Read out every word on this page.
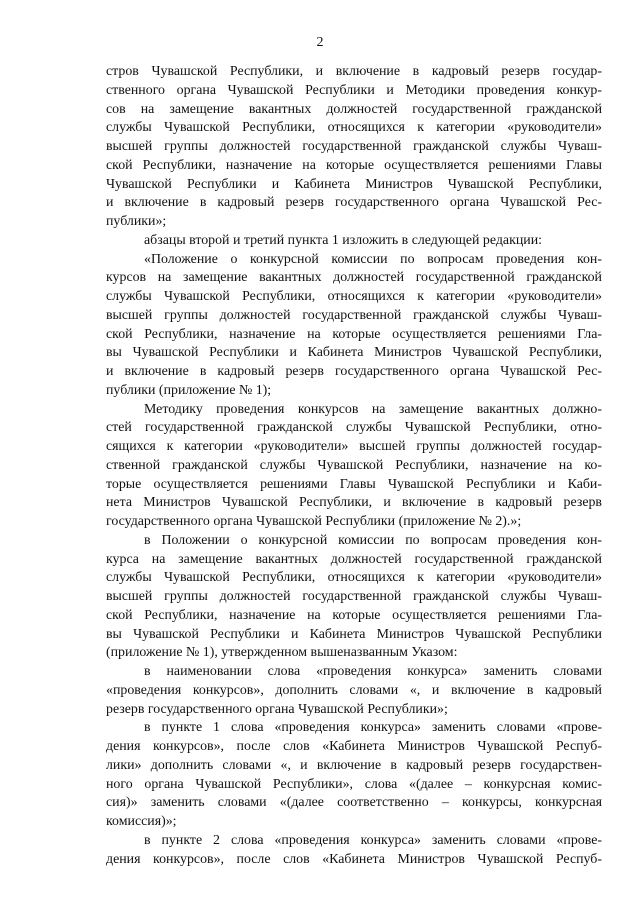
2
стров Чувашской Республики, и включение в кадровый резерв государ-
ственного органа Чувашской Республики и Методики проведения конкур-
сов на замещение вакантных должностей государственной гражданской
службы Чувашской Республики, относящихся к категории «руководители»
высшей группы должностей государственной гражданской службы Чуваш-
ской Республики, назначение на которые осуществляется решениями Главы
Чувашской Республики и Кабинета Министров Чувашской Республики,
и включение в кадровый резерв государственного органа Чувашской Рес-
публики»;
абзацы второй и третий пункта 1 изложить в следующей редакции:
«Положение о конкурсной комиссии по вопросам проведения кон-
курсов на замещение вакантных должностей государственной гражданской
службы Чувашской Республики, относящихся к категории «руководители»
высшей группы должностей государственной гражданской службы Чуваш-
ской Республики, назначение на которые осуществляется решениями Гла-
вы Чувашской Республики и Кабинета Министров Чувашской Республики,
и включение в кадровый резерв государственного органа Чувашской Рес-
публики (приложение № 1);
Методику проведения конкурсов на замещение вакантных должно-
стей государственной гражданской службы Чувашской Республики, отно-
сящихся к категории «руководители» высшей группы должностей государ-
ственной гражданской службы Чувашской Республики, назначение на ко-
торые осуществляется решениями Главы Чувашской Республики и Каби-
нета Министров Чувашской Республики, и включение в кадровый резерв
государственного органа Чувашской Республики (приложение № 2).»;
в Положении о конкурсной комиссии по вопросам проведения кон-
курса на замещение вакантных должностей государственной гражданской
службы Чувашской Республики, относящихся к категории «руководители»
высшей группы должностей государственной гражданской службы Чуваш-
ской Республики, назначение на которые осуществляется решениями Гла-
вы Чувашской Республики и Кабинета Министров Чувашской Республики
(приложение № 1), утвержденном вышеназванным Указом:
в наименовании слова «проведения конкурса» заменить словами
«проведения конкурсов», дополнить словами «, и включение в кадровый
резерв государственного органа Чувашской Республики»;
в пункте 1 слова «проведения конкурса» заменить словами «прове-
дения конкурсов», после слов «Кабинета Министров Чувашской Респуб-
лики» дополнить словами «, и включение в кадровый резерв государствен-
ного органа Чувашской Республики», слова «(далее – конкурсная комис-
сия)» заменить словами «(далее соответственно – конкурсы, конкурсная
комиссия)»;
в пункте 2 слова «проведения конкурса» заменить словами «прове-
дения конкурсов», после слов «Кабинета Министров Чувашской Респуб-
